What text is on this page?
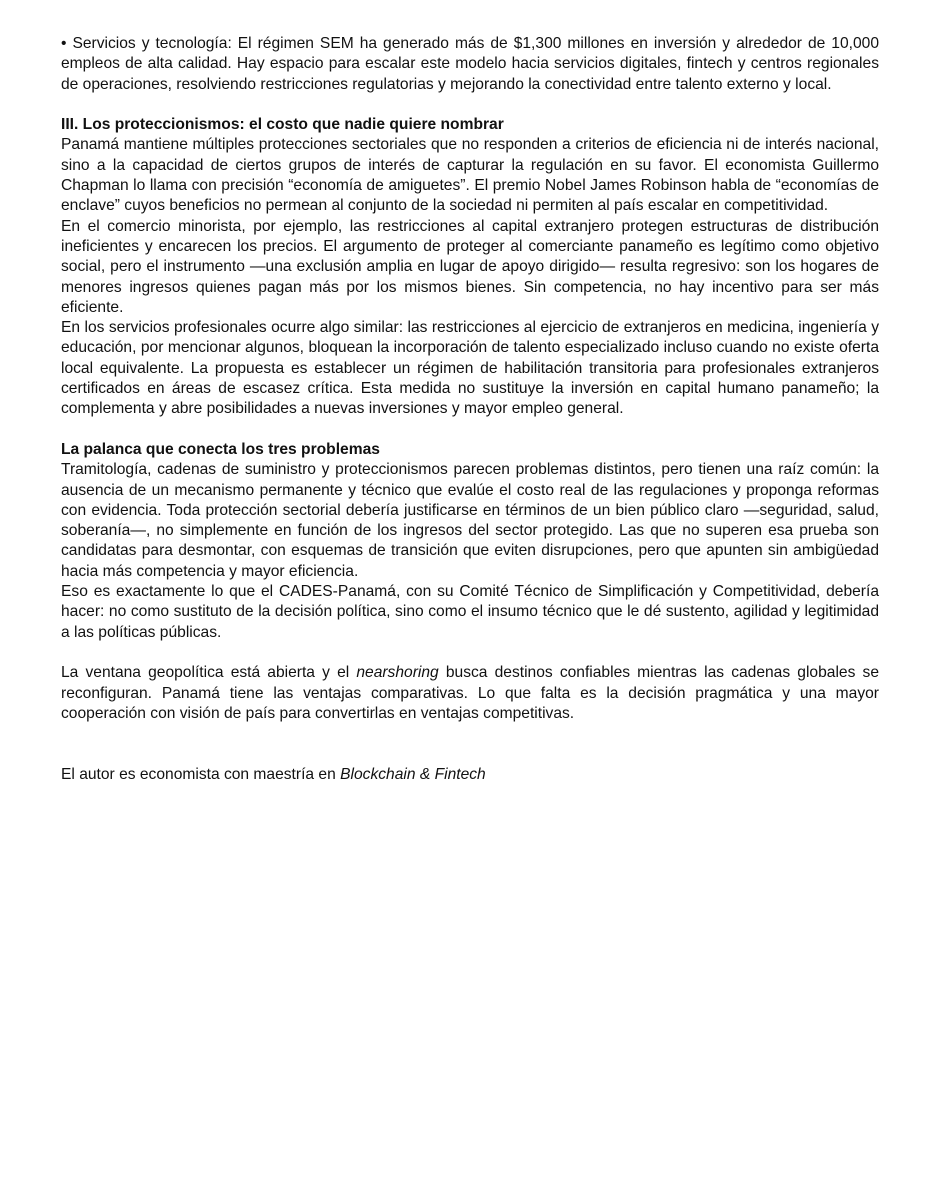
• Servicios y tecnología: El régimen SEM ha generado más de $1,300 millones en inversión y alrededor de 10,000 empleos de alta calidad. Hay espacio para escalar este modelo hacia servicios digitales, fintech y centros regionales de operaciones, resolviendo restricciones regulatorias y mejorando la conectividad entre talento externo y local.

III. Los proteccionismos: el costo que nadie quiere nombrar

Panamá mantiene múltiples protecciones sectoriales que no responden a criterios de eficiencia ni de interés nacional, sino a la capacidad de ciertos grupos de interés de capturar la regulación en su favor. El economista Guillermo Chapman lo llama con precisión “economía de amiguetes”. El premio Nobel James Robinson habla de “economías de enclave” cuyos beneficios no permean al conjunto de la sociedad ni permiten al país escalar en competitividad.

En el comercio minorista, por ejemplo, las restricciones al capital extranjero protegen estructuras de distribución ineficientes y encarecen los precios. El argumento de proteger al comerciante panameño es legítimo como objetivo social, pero el instrumento —una exclusión amplia en lugar de apoyo dirigido— resulta regresivo: son los hogares de menores ingresos quienes pagan más por los mismos bienes. Sin competencia, no hay incentivo para ser más eficiente.

En los servicios profesionales ocurre algo similar: las restricciones al ejercicio de extranjeros en medicina, ingeniería y educación, por mencionar algunos, bloquean la incorporación de talento especializado incluso cuando no existe oferta local equivalente. La propuesta es establecer un régimen de habilitación transitoria para profesionales extranjeros certificados en áreas de escasez crítica. Esta medida no sustituye la inversión en capital humano panameño; la complementa y abre posibilidades a nuevas inversiones y mayor empleo general.

La palanca que conecta los tres problemas

Tramitología, cadenas de suministro y proteccionismos parecen problemas distintos, pero tienen una raíz común: la ausencia de un mecanismo permanente y técnico que evalúe el costo real de las regulaciones y proponga reformas con evidencia. Toda protección sectorial debería justificarse en términos de un bien público claro —seguridad, salud, soberanía—, no simplemente en función de los ingresos del sector protegido. Las que no superen esa prueba son candidatas para desmontar, con esquemas de transición que eviten disrupciones, pero que apunten sin ambigüedad hacia más competencia y mayor eficiencia.

Eso es exactamente lo que el CADES-Panamá, con su Comité Técnico de Simplificación y Competitividad, debería hacer: no como sustituto de la decisión política, sino como el insumo técnico que le dé sustento, agilidad y legitimidad a las políticas públicas.

La ventana geopolítica está abierta y el nearshoring busca destinos confiables mientras las cadenas globales se reconfiguran. Panamá tiene las ventajas comparativas. Lo que falta es la decisión pragmática y una mayor cooperación con visión de país para convertirlas en ventajas competitivas.

El autor es economista con maestría en Blockchain & Fintech
